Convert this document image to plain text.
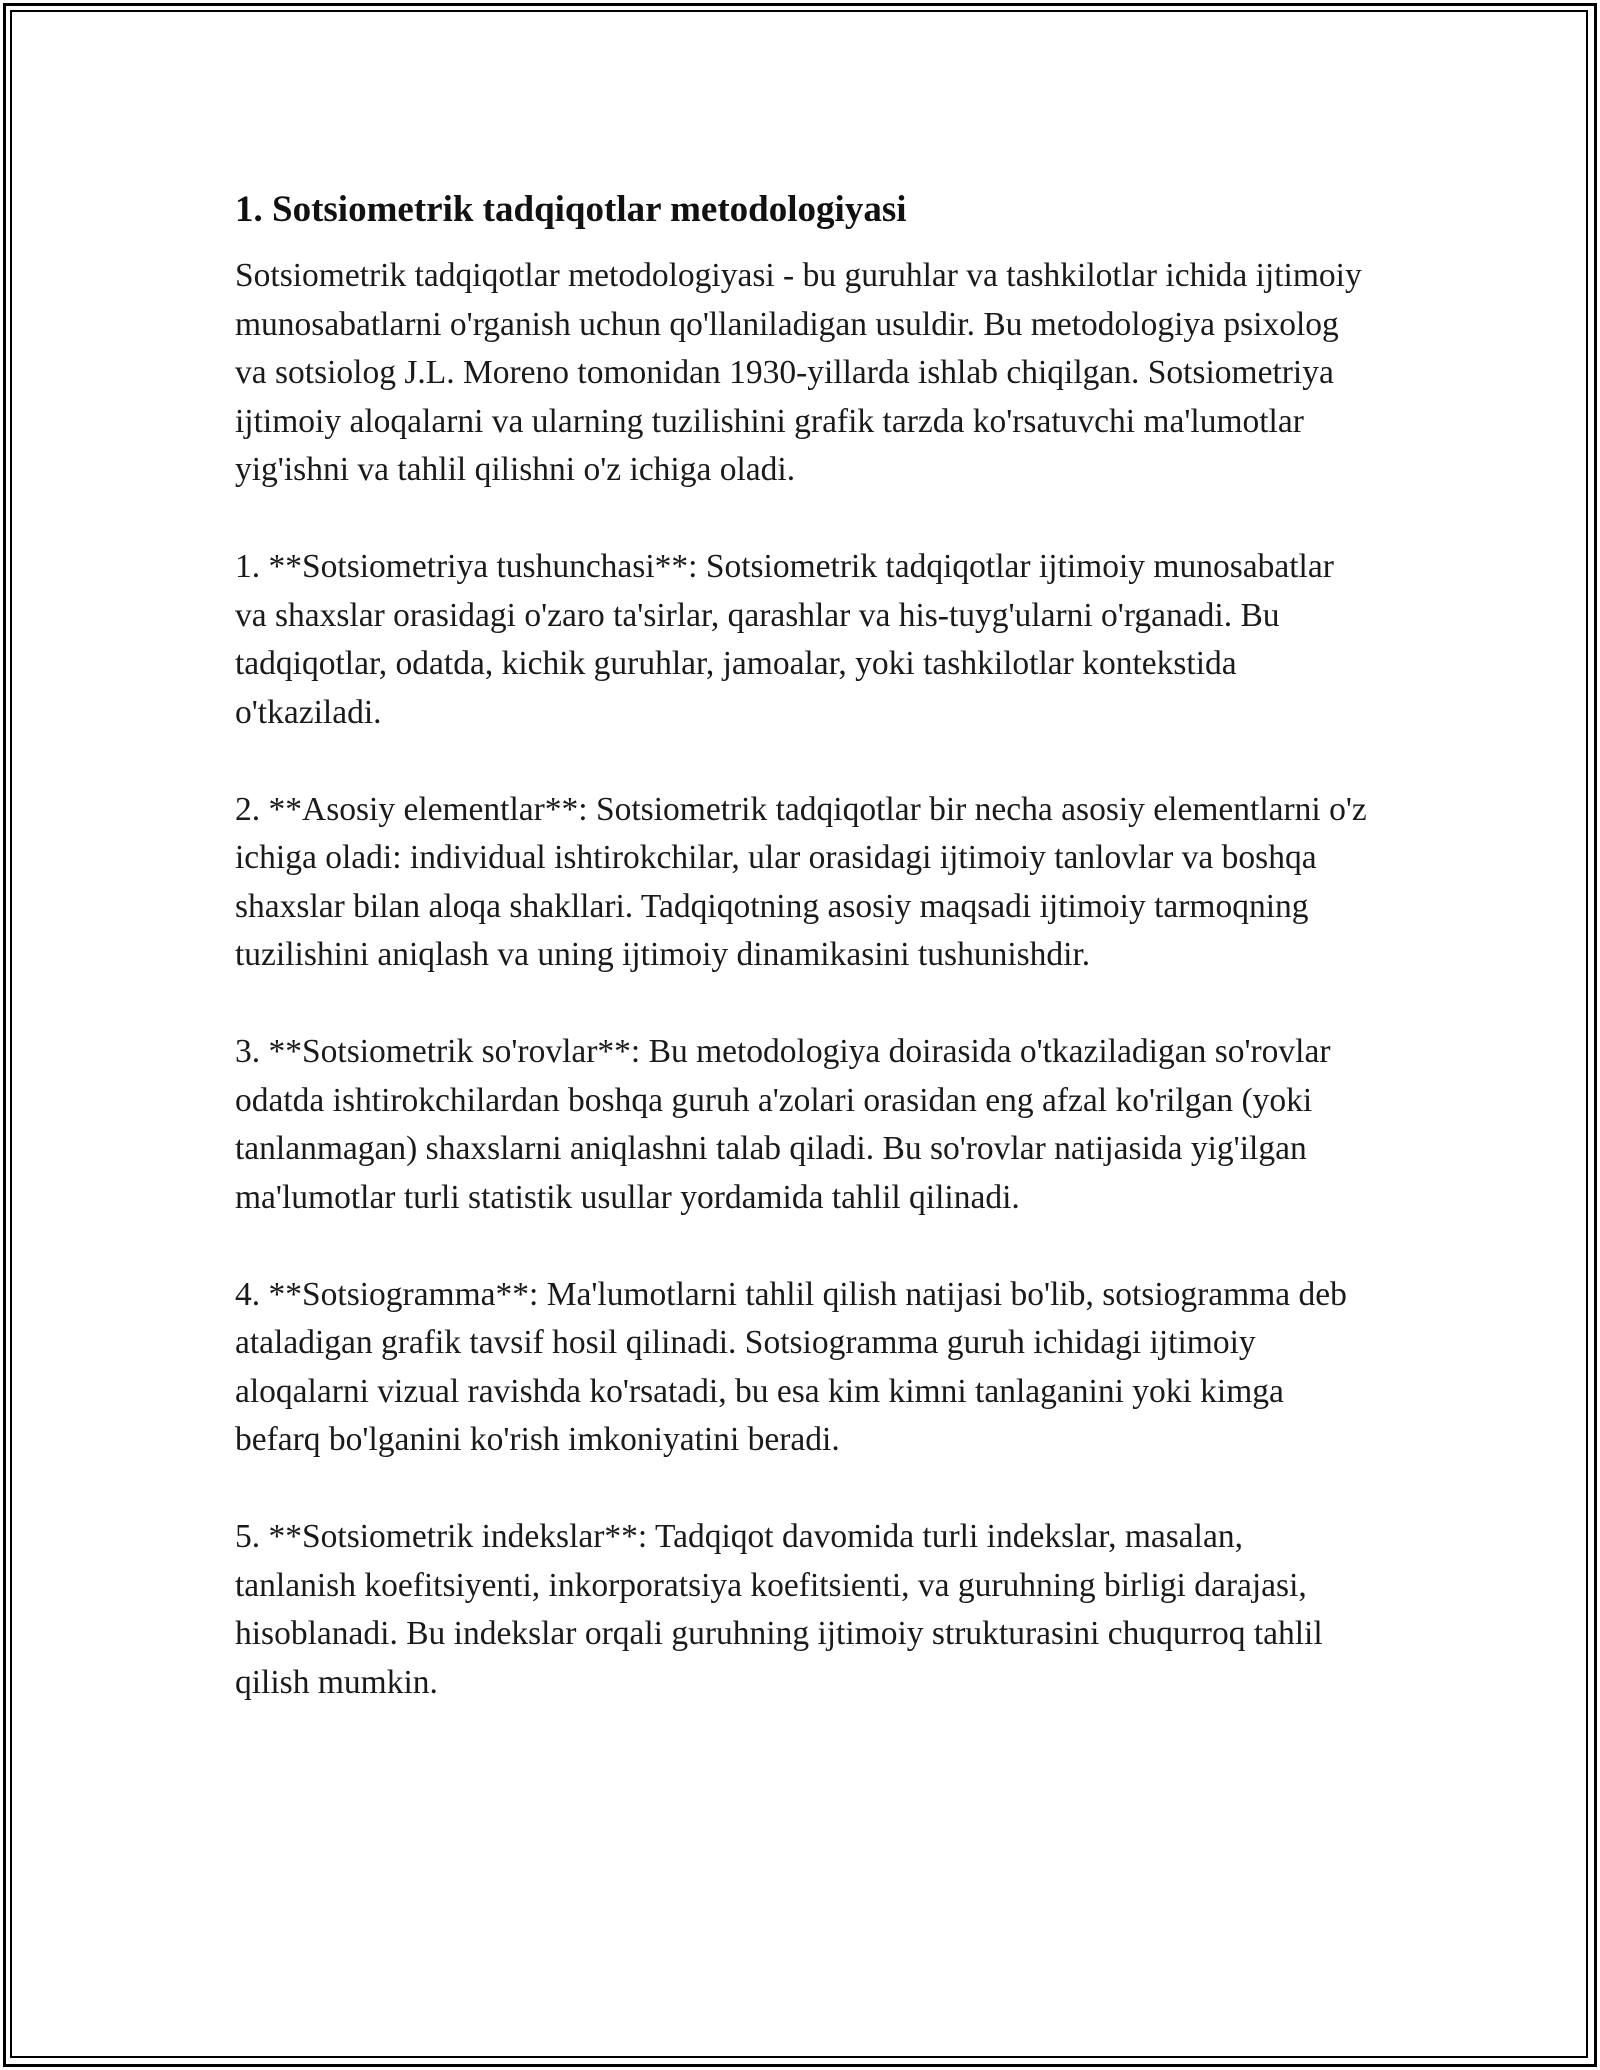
1. Sotsiometrik tadqiqotlar metodologiyasi

Sotsiometrik tadqiqotlar metodologiyasi - bu guruhlar va tashkilotlar ichida ijtimoiy munosabatlarni o'rganish uchun qo'llaniladigan usuldir. Bu metodologiya psixolog va sotsiolog J.L. Moreno tomonidan 1930-yillarda ishlab chiqilgan. Sotsiometriya ijtimoiy aloqalarni va ularning tuzilishini grafik tarzda ko'rsatuvchi ma'lumotlar yig'ishni va tahlil qilishni o'z ichiga oladi.

1. **Sotsiometriya tushunchasi**: Sotsiometrik tadqiqotlar ijtimoiy munosabatlar va shaxslar orasidagi o'zaro ta'sirlar, qarashlar va his-tuyg'ularni o'rganadi. Bu tadqiqotlar, odatda, kichik guruhlar, jamoalar, yoki tashkilotlar kontekstida o'tkaziladi.

2. **Asosiy elementlar**: Sotsiometrik tadqiqotlar bir necha asosiy elementlarni o'z ichiga oladi: individual ishtirokchilar, ular orasidagi ijtimoiy tanlovlar va boshqa shaxslar bilan aloqa shakllari. Tadqiqotning asosiy maqsadi ijtimoiy tarmoqning tuzilishini aniqlash va uning ijtimoiy dinamikasini tushunishdir.

3. **Sotsiometrik so'rovlar**: Bu metodologiya doirasida o'tkaziladigan so'rovlar odatda ishtirokchilardan boshqa guruh a'zolari orasidan eng afzal ko'rilgan (yoki tanlanmagan) shaxslarni aniqlashni talab qiladi. Bu so'rovlar natijasida yig'ilgan ma'lumotlar turli statistik usullar yordamida tahlil qilinadi.

4. **Sotsiogramma**: Ma'lumotlarni tahlil qilish natijasi bo'lib, sotsiogramma deb ataladigan grafik tavsif hosil qilinadi. Sotsiogramma guruh ichidagi ijtimoiy aloqalarni vizual ravishda ko'rsatadi, bu esa kim kimni tanlaganini yoki kimga befarq bo'lganini ko'rish imkoniyatini beradi.

5. **Sotsiometrik indekslar**: Tadqiqot davomida turli indekslar, masalan, tanlanish koefitsiyenti, inkorporatsiya koefitsienti, va guruhning birligi darajasi, hisoblanadi. Bu indekslar orqali guruhning ijtimoiy strukturasini chuqurroq tahlil qilish mumkin.
